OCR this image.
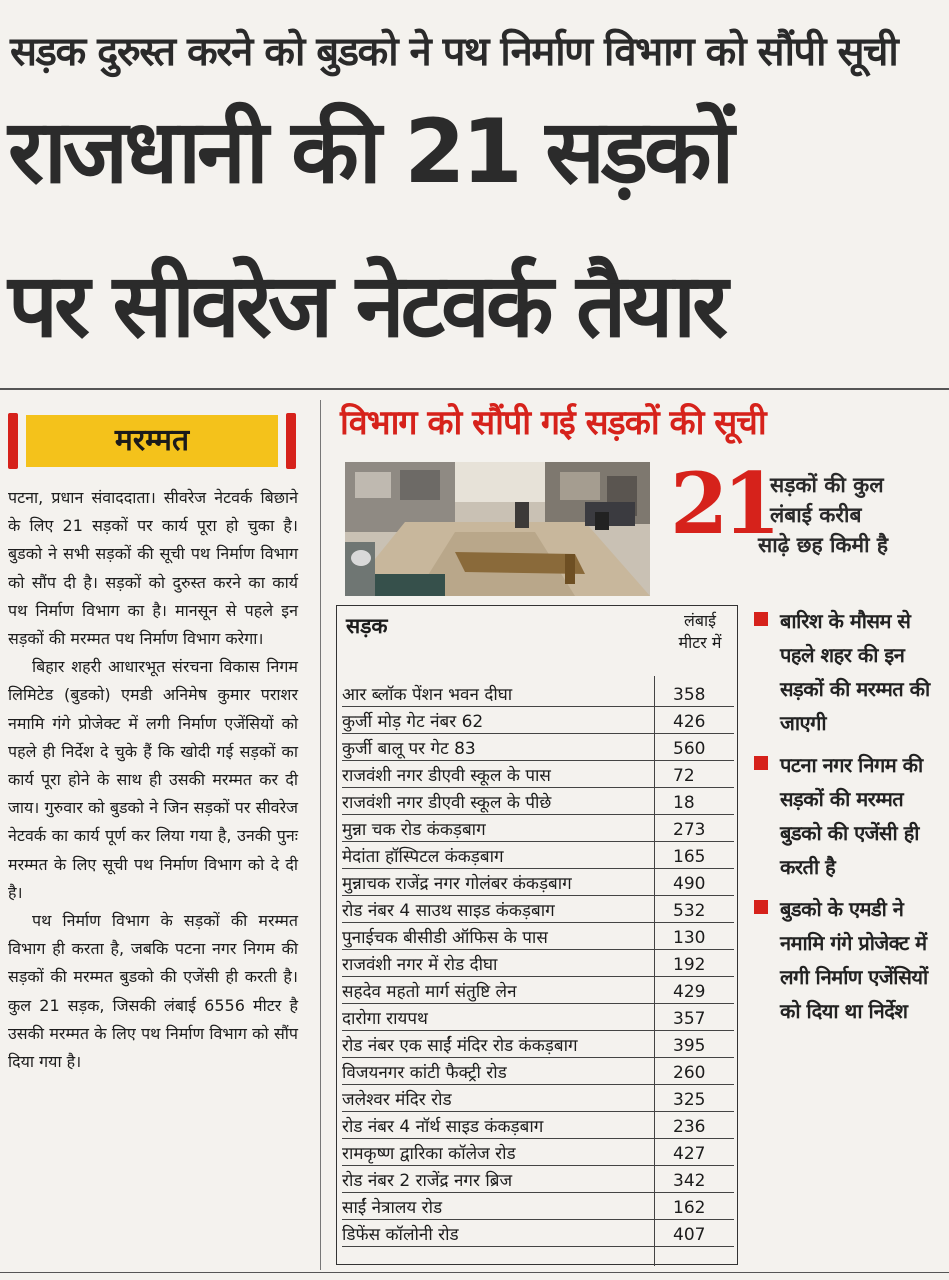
सड़क दुरुस्त करने को बुडको ने पथ निर्माण विभाग को सौंपी सूची
राजधानी की 21 सड़कों
पर सीवरेज नेटवर्क तैयार
मरम्मत

पटना, प्रधान संवाददाता। सीवरेज नेटवर्क बिछाने के लिए 21 सड़कों पर कार्य पूरा हो चुका है। बुडको ने सभी सड़कों की सूची पथ निर्माण विभाग को सौंप दी है। सड़कों को दुरुस्त करने का कार्य पथ निर्माण विभाग का है। मानसून से पहले इन सड़कों की मरम्मत पथ निर्माण विभाग करेगा।

बिहार शहरी आधारभूत संरचना विकास निगम लिमिटेड (बुडको) एमडी अनिमेष कुमार पराशर नमामि गंगे प्रोजेक्ट में लगी निर्माण एजेंसियों को पहले ही निर्देश दे चुके हैं कि खोदी गई सड़कों का कार्य पूरा होने के साथ ही उसकी मरम्मत कर दी जाय। गुरुवार को बुडको ने जिन सड़कों पर सीवरेज नेटवर्क का कार्य पूर्ण कर लिया गया है, उनकी पुनः मरम्मत के लिए सूची पथ निर्माण विभाग को दे दी है।

पथ निर्माण विभाग के सड़कों की मरम्मत विभाग ही करता है, जबकि पटना नगर निगम की सड़कों की मरम्मत बुडको की एजेंसी ही करती है। कुल 21 सड़क, जिसकी लंबाई 6556 मीटर है उसकी मरम्मत के लिए पथ निर्माण विभाग को सौंप दिया गया है।

विभाग को सौंपी गई सड़कों की सूची
21
सड़कों की कुल
लंबाई करीब
साढ़े छह किमी है
सड़क	लंबाई
मीटर में
आर ब्लॉक पेंशन भवन दीघा	358
कुर्जी मोड़ गेट नंबर 62	426
कुर्जी बालू पर गेट 83	560
राजवंशी नगर डीएवी स्कूल के पास	72
राजवंशी नगर डीएवी स्कूल के पीछे	18
मुन्ना चक रोड कंकड़बाग	273
मेदांता हॉस्पिटल कंकड़बाग	165
मुन्नाचक राजेंद्र नगर गोलंबर कंकड़बाग	490
रोड नंबर 4 साउथ साइड कंकड़बाग	532
पुनाईचक बीसीडी ऑफिस के पास	130
राजवंशी नगर में रोड दीघा	192
सहदेव महतो मार्ग संतुष्टि लेन	429
दारोगा रायपथ	357
रोड नंबर एक साईं मंदिर रोड कंकड़बाग	395
विजयनगर कांटी फैक्ट्री रोड	260
जलेश्वर मंदिर रोड	325
रोड नंबर 4 नॉर्थ साइड कंकड़बाग	236
रामकृष्ण द्वारिका कॉलेज रोड	427
रोड नंबर 2 राजेंद्र नगर ब्रिज	342
साईं नेत्रालय रोड	162
डिफेंस कॉलोनी रोड	407
बारिश के मौसम से पहले शहर की इन सड़कों की मरम्मत की जाएगी
पटना नगर निगम की सड़कों की मरम्मत बुडको की एजेंसी ही करती है
बुडको के एमडी ने नमामि गंगे प्रोजेक्ट में लगी निर्माण एजेंसियों को दिया था निर्देश
